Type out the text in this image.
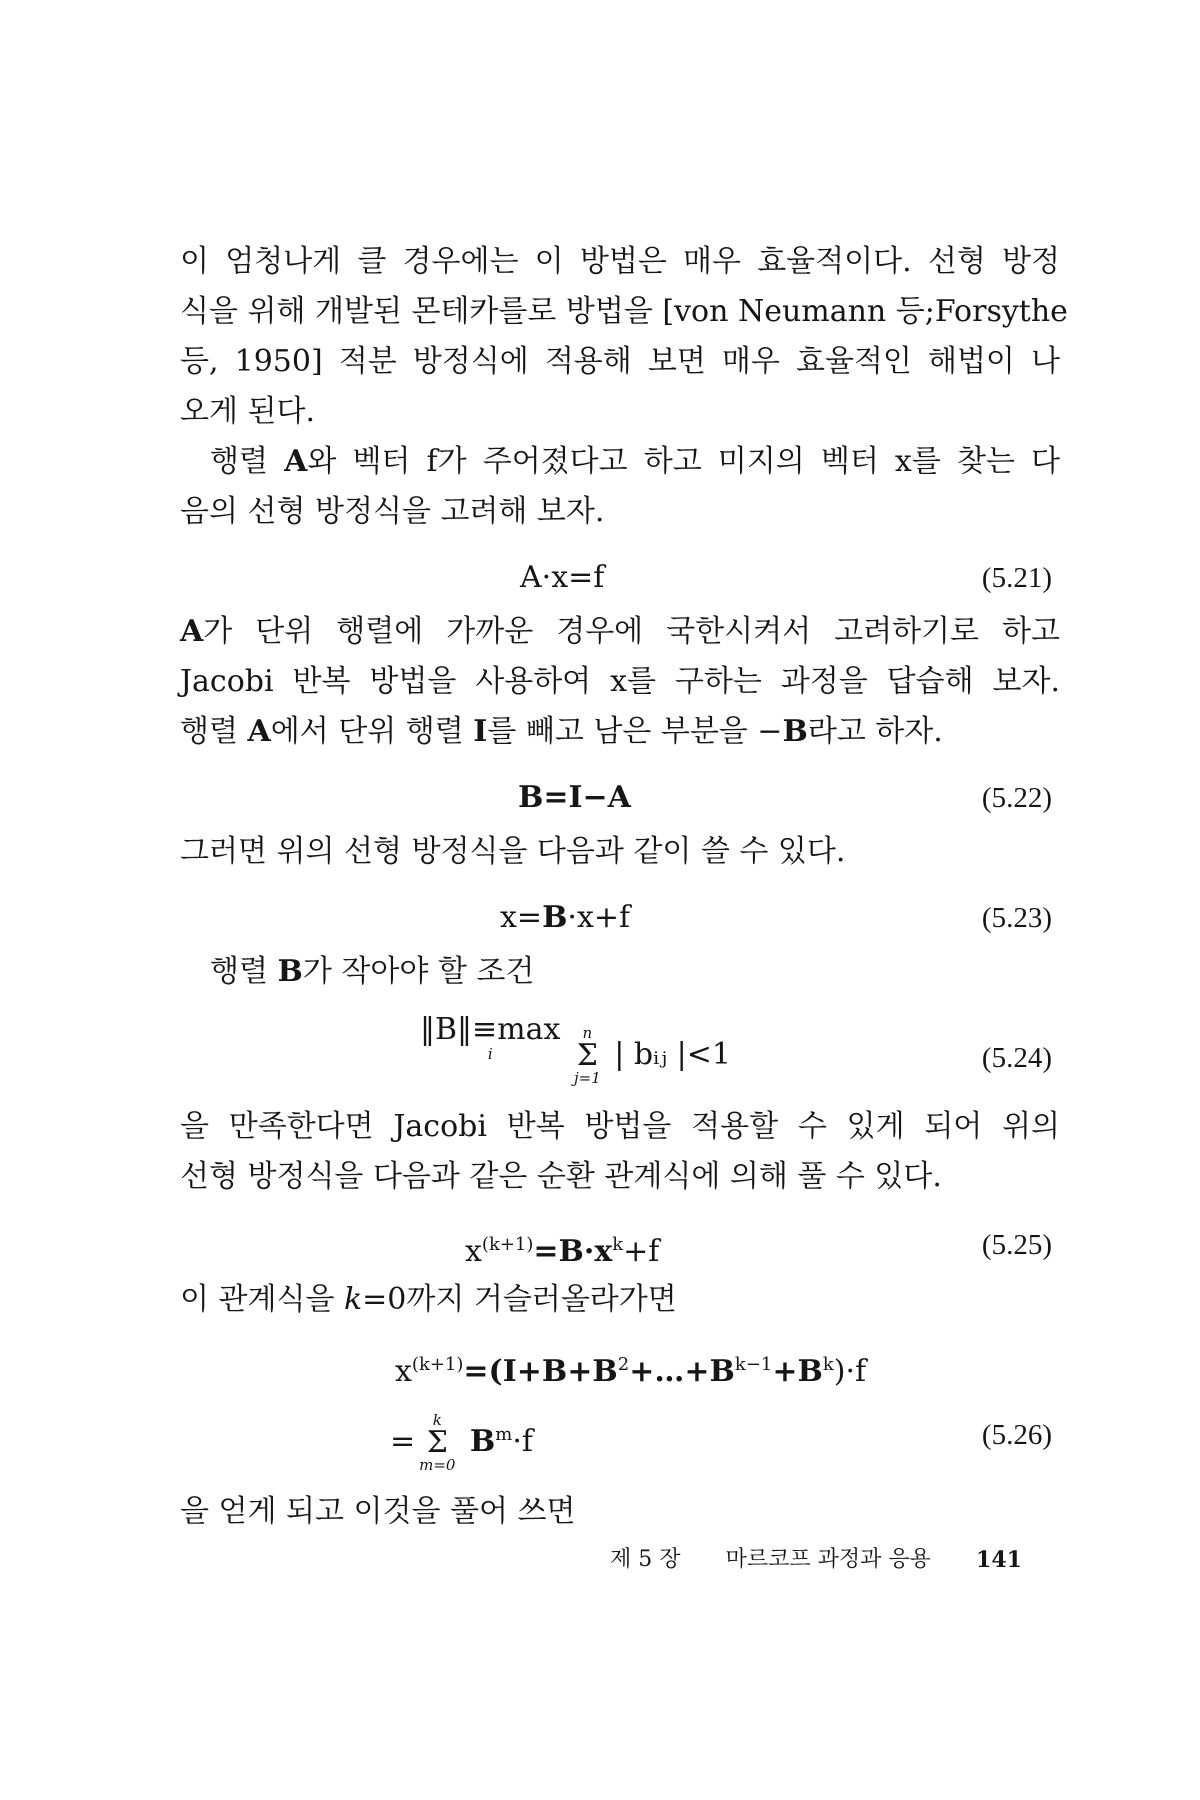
이 엄청나게 클 경우에는 이 방법은 매우 효율적이다. 선형 방정
식을 위해 개발된 몬테카를로 방법을 [von Neumann 등;Forsythe
등, 1950] 적분 방정식에 적용해 보면 매우 효율적인 해법이 나
오게 된다.
행렬 A와 벡터 f가 주어졌다고 하고 미지의 벡터 x를 찾는 다
음의 선형 방정식을 고려해 보자.
A·x=f	(5.21)
A가 단위 행렬에 가까운 경우에 국한시켜서 고려하기로 하고
Jacobi 반복 방법을 사용하여 x를 구하는 과정을 답습해 보자.
행렬 A에서 단위 행렬 I를 빼고 남은 부분을 −B라고 하자.
B=I−A	(5.22)
그러면 위의 선형 방정식을 다음과 같이 쓸 수 있다.
x=B·x+f	(5.23)
행렬 B가 작아야 할 조건
‖B‖≡max
i

n
Σ
j=1
| bᵢⱼ |<1	(5.24)
을 만족한다면 Jacobi 반복 방법을 적용할 수 있게 되어 위의
선형 방정식을 다음과 같은 순환 관계식에 의해 풀 수 있다.
$x^{(k+1)}=B\cdot x^k+f$	(5.25)
이 관계식을 k=0까지 거슬러올라가면
$x^{(k+1)}=(I+B+B^2+\dots+B^{k-1}+B^k)\cdot f$
=
k
Σ
m=0
$B^m\cdot f$	(5.26)
을 얻게 되고 이것을 풀어 쓰면
제 5 장 마르코프 과정과 응용 141
